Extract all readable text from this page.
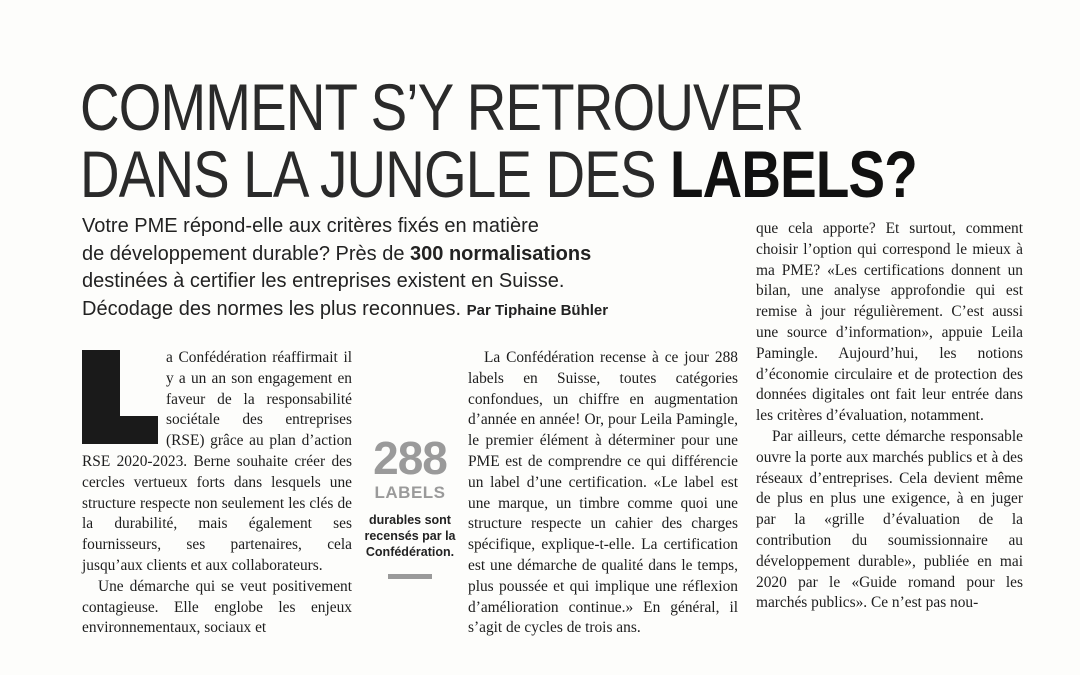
COMMENT S’Y RETROUVER
DANS LA JUNGLE DES LABELS?
Votre PME répond-elle aux critères fixés en matière
de développement durable? Près de 300 normalisations
destinées à certifier les entreprises existent en Suisse.
Décodage des normes les plus reconnues. Par Tiphaine Bühler

a Confédération réaffirmait il y a un an son engagement en faveur de la responsabilité sociétale des entreprises (RSE) grâce au plan d’action RSE 2020-2023. Berne souhaite créer des cercles vertueux forts dans lesquels une structure respecte non seulement les clés de la durabilité, mais également ses fournisseurs, ses partenaires, cela jusqu’aux clients et aux collaborateurs.

Une démarche qui se veut positivement contagieuse. Elle englobe les enjeux environnementaux, sociaux et

288
LABELS
durables sont recensés par la Confédération.

La Confédération recense à ce jour 288 labels en Suisse, toutes catégories confondues, un chiffre en augmentation d’année en année! Or, pour Leila Pamingle, le premier élément à déterminer pour une PME est de comprendre ce qui différencie un label d’une certification. «Le label est une marque, un timbre comme quoi une structure respecte un cahier des charges spécifique, explique-t-elle. La certification est une démarche de qualité dans le temps, plus poussée et qui implique une réflexion d’amélioration continue.» En général, il s’agit de cycles de trois ans.

que cela apporte? Et surtout, comment choisir l’option qui correspond le mieux à ma PME? «Les certifications donnent un bilan, une analyse approfondie qui est remise à jour régulièrement. C’est aussi une source d’information», appuie Leila Pamingle. Aujourd’hui, les notions d’économie circulaire et de protection des données digitales ont fait leur entrée dans les critères d’évaluation, notamment.

Par ailleurs, cette démarche responsable ouvre la porte aux marchés publics et à des réseaux d’entreprises. Cela devient même de plus en plus une exigence, à en juger par la «grille d’évaluation de la contribution du soumissionnaire au développement durable», publiée en mai 2020 par le «Guide romand pour les marchés publics». Ce n’est pas nou-
